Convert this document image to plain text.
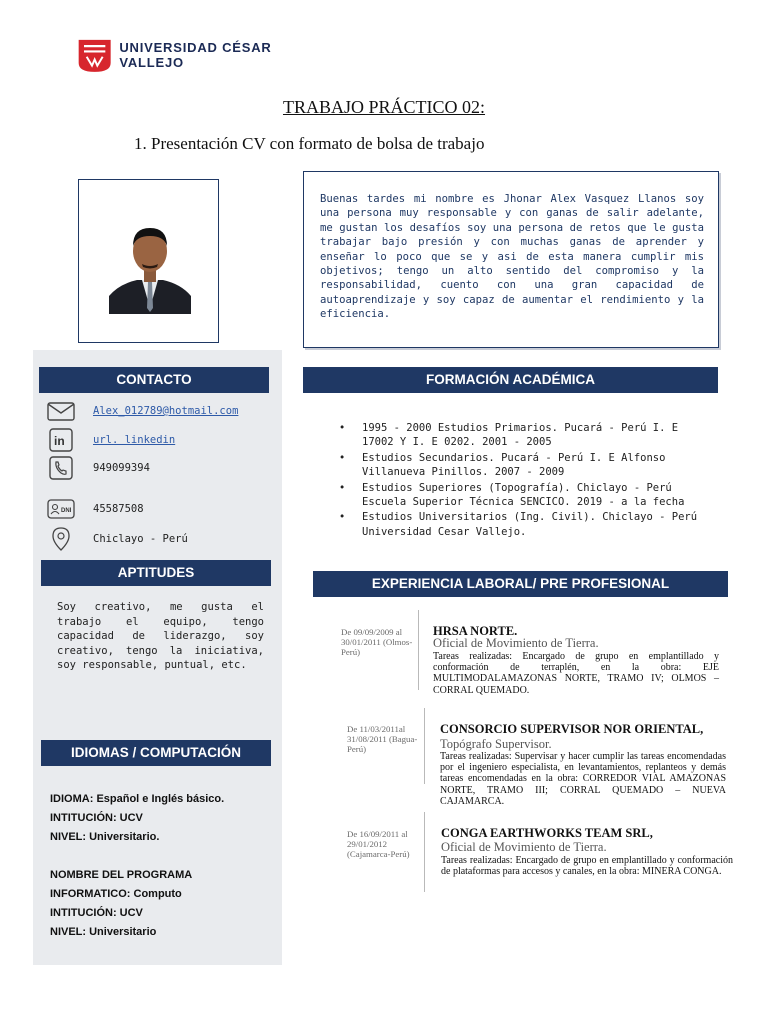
UNIVERSIDAD CÉSAR VALLEJO
TRABAJO PRÁCTICO 02:
1. Presentación CV con formato de bolsa de trabajo

Buenas tardes mi nombre es Jhonar Alex Vasquez Llanos soy una persona muy responsable y con ganas de salir adelante, me gustan los desafíos soy una persona de retos que le gusta trabajar bajo presión y con muchas ganas de aprender y enseñar lo poco que se y asi de esta manera cumplir mis objetivos; tengo un alto sentido del compromiso y la responsabilidad, cuento con una gran capacidad de autoaprendizaje y soy capaz de aumentar el rendimiento y la eficiencia.

CONTACTO
Alex_012789@hotmail.com
in	url. linkedin
949099394
DNI 45587508
Chiclayo - Perú
APTITUDES

Soy creativo, me gusta el trabajo el equipo, tengo capacidad de liderazgo, soy creativo, tengo la iniciativa, soy responsable, puntual, etc.

IDIOMAS / COMPUTACIÓN
IDIOMA: Español e Inglés básico.
INTITUCIÓN: UCV
NIVEL: Universitario.
NOMBRE DEL PROGRAMA
INFORMATICO: Computo
INTITUCIÓN: UCV
NIVEL: Universitario
FORMACIÓN ACADÉMICA
• 1995 - 2000 Estudios Primarios. Pucará - Perú I. E 17002 Y I. E 0202. 2001 - 2005
• Estudios Secundarios. Pucará - Perú I. E Alfonso Villanueva Pinillos. 2007 - 2009
• Estudios Superiores (Topografía). Chiclayo - Perú Escuela Superior Técnica SENCICO. 2019 - a la fecha
• Estudios Universitarios (Ing. Civil). Chiclayo - Perú Universidad Cesar Vallejo.
EXPERIENCIA LABORAL/ PRE PROFESIONAL
De 09/09/2009 al 30/01/2011 (Olmos-Perú)
HRSA NORTE.
Oficial de Movimiento de Tierra.
Tareas realizadas: Encargado de grupo en emplantillado y conformación de terraplén, en la obra: EJE MULTIMODALAMAZONAS NORTE, TRAMO IV; OLMOS – CORRAL QUEMADO.
De 11/03/2011al 31/08/2011 (Bagua-Perú)
CONSORCIO SUPERVISOR NOR ORIENTAL,
Topógrafo Supervisor.
Tareas realizadas: Supervisar y hacer cumplir las tareas encomendadas por el ingeniero especialista, en levantamientos, replanteos y demás tareas encomendadas en la obra: CORREDOR VIAL AMAZONAS NORTE, TRAMO III; CORRAL QUEMADO – NUEVA CAJAMARCA.
De 16/09/2011 al 29/01/2012 (Cajamarca-Perú)
CONGA EARTHWORKS TEAM SRL,
Oficial de Movimiento de Tierra.
Tareas realizadas: Encargado de grupo en emplantillado y conformación de plataformas para accesos y canales, en la obra: MINERA CONGA.
